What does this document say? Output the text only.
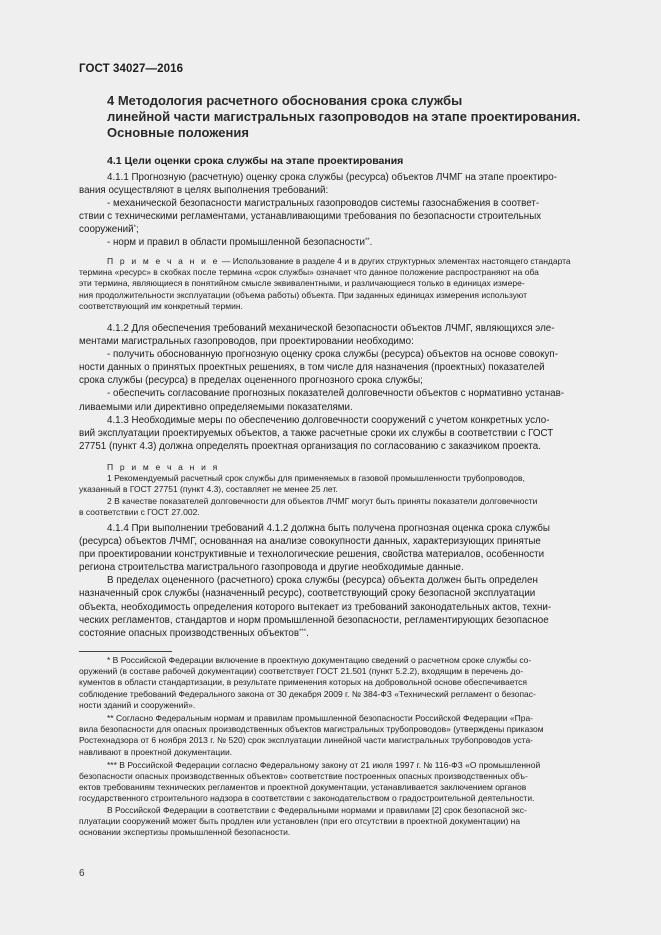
ГОСТ 34027—2016
4 Методология расчетного обоснования срока службы
линейной части магистральных газопроводов на этапе проектирования.
Основные положения
4.1 Цели оценки срока службы на этапе проектирования
4.1.1 Прогнозную (расчетную) оценку срока службы (ресурса) объектов ЛЧМГ на этапе проектиро-
вания осуществляют в целях выполнения требований:
- механической безопасности магистральных газопроводов системы газоснабжения в соответ-
ствии с техническими регламентами, устанавливающими требования по безопасности строительных
сооружений*;
- норм и правил в области промышленной безопасности**.
П р и м е ч а н и е — Использование в разделе 4 и в других структурных элементах настоящего стандарта
термина «ресурс» в скобках после термина «срок службы» означает что данное положение распространяют на оба
эти термина, являющиеся в понятийном смысле эквивалентными, и различающиеся только в единицах измере-
ния продолжительности эксплуатации (объема работы) объекта. При заданных единицах измерения используют
соответствующий им конкретный термин.
4.1.2 Для обеспечения требований механической безопасности объектов ЛЧМГ, являющихся эле-
ментами магистральных газопроводов, при проектировании необходимо:
- получить обоснованную прогнозную оценку срока службы (ресурса) объектов на основе совокуп-
ности данных о принятых проектных решениях, в том числе для назначения (проектных) показателей
срока службы (ресурса) в пределах оцененного прогнозного срока службы;
- обеспечить согласование прогнозных показателей долговечности объектов с нормативно устанав-
ливаемыми или директивно определяемыми показателями.
4.1.3 Необходимые меры по обеспечению долговечности сооружений с учетом конкретных усло-
вий эксплуатации проектируемых объектов, а также расчетные сроки их службы в соответствии с ГОСТ
27751 (пункт 4.3) должна определять проектная организация по согласованию с заказчиком проекта.
П р и м е ч а н и я
1 Рекомендуемый расчетный срок службы для применяемых в газовой промышленности трубопроводов,
указанный в ГОСТ 27751 (пункт 4.3), составляет не менее 25 лет.
2 В качестве показателей долговечности для объектов ЛЧМГ могут быть приняты показатели долговечности
в соответствии с ГОСТ 27.002.
4.1.4 При выполнении требований 4.1.2 должна быть получена прогнозная оценка срока службы
(ресурса) объектов ЛЧМГ, основанная на анализе совокупности данных, характеризующих принятые
при проектировании конструктивные и технологические решения, свойства материалов, особенности
региона строительства магистрального газопровода и другие необходимые данные.
В пределах оцененного (расчетного) срока службы (ресурса) объекта должен быть определен
назначенный срок службы (назначенный ресурс), соответствующий сроку безопасной эксплуатации
объекта, необходимость определения которого вытекает из требований законодательных актов, техни-
ческих регламентов, стандартов и норм промышленной безопасности, регламентирующих безопасное
состояние опасных производственных объектов***.
* В Российской Федерации включение в проектную документацию сведений о расчетном сроке службы со-
оружений (в составе рабочей документации) соответствует ГОСТ 21.501 (пункт 5.2.2), входящим в перечень до-
кументов в области стандартизации, в результате применения которых на добровольной основе обеспечивается
соблюдение требований Федерального закона от 30 декабря 2009 г. № 384-ФЗ «Технический регламент о безопас-
ности зданий и сооружений».
** Согласно Федеральным нормам и правилам промышленной безопасности Российской Федерации «Пра-
вила безопасности для опасных производственных объектов магистральных трубопроводов» (утверждены приказом
Ростехнадзора от 6 ноября 2013 г. № 520) срок эксплуатации линейной части магистральных трубопроводов уста-
навливают в проектной документации.
*** В Российской Федерации согласно Федеральному закону от 21 июля 1997 г. № 116-ФЗ «О промышленной
безопасности опасных производственных объектов» соответствие построенных опасных производственных объ-
ектов требованиям технических регламентов и проектной документации, устанавливается заключением органов
государственного строительного надзора в соответствии с законодательством о градостроительной деятельности.
В Российской Федерации в соответствии с Федеральными нормами и правилами [2] срок безопасной экс-
плуатации сооружений может быть продлен или установлен (при его отсутствии в проектной документации) на
основании экспертизы промышленной безопасности.
6
